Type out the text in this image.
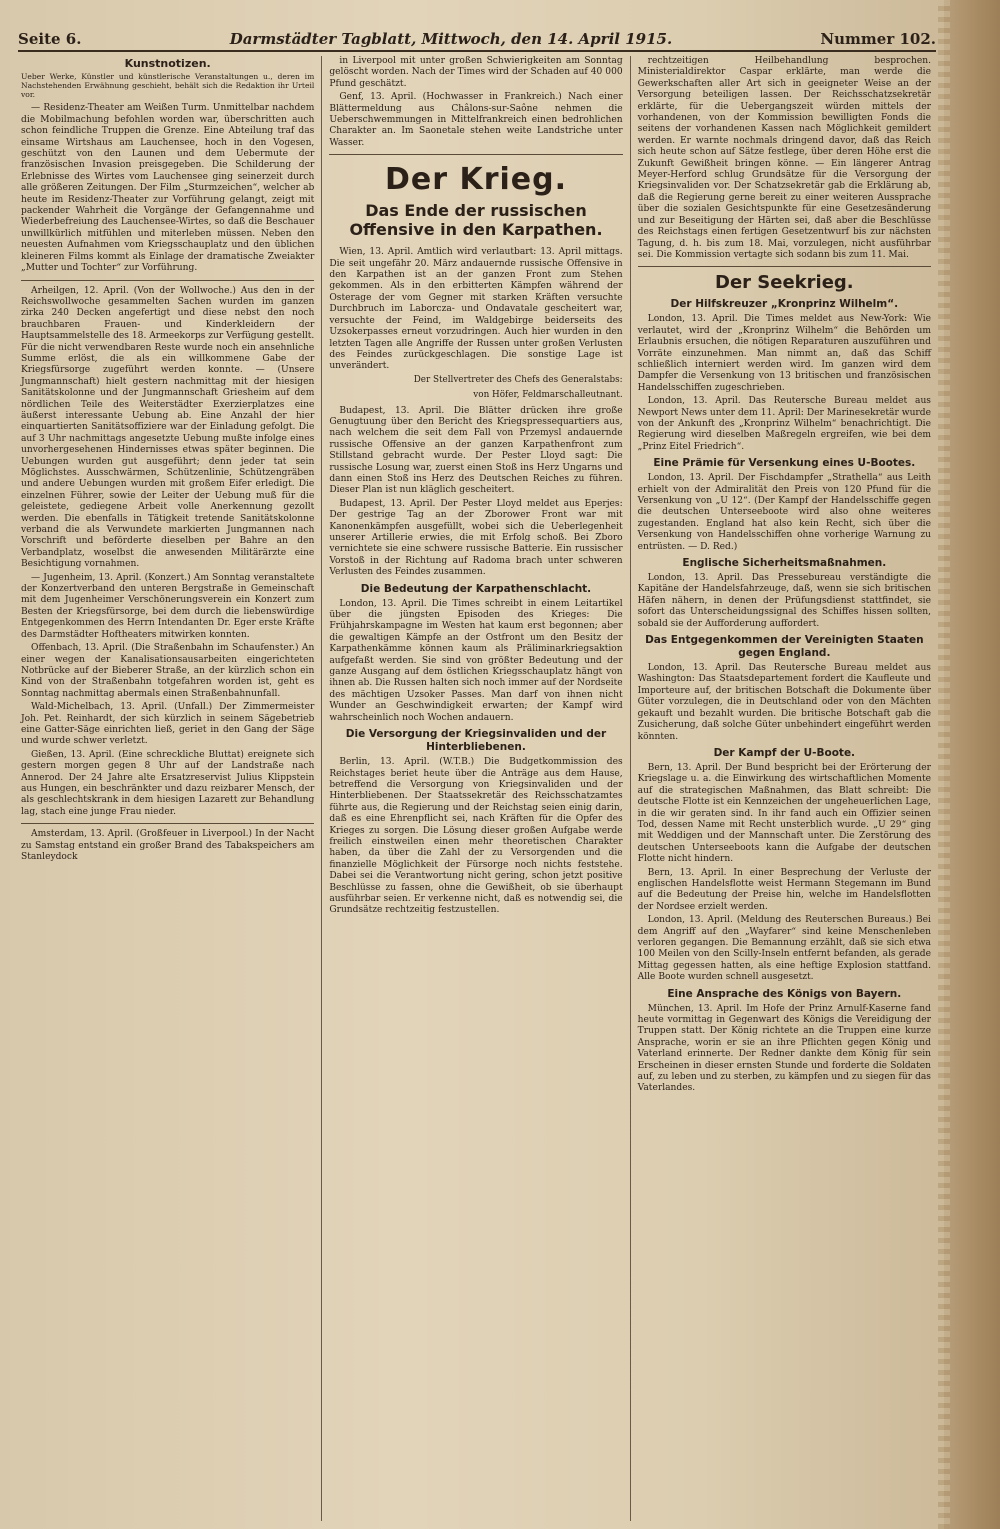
Seite 6.	Darmstädter Tagblatt, Mittwoch, den 14. April 1915.	Nummer 102.
Kunstnotizen.
Ueber Werke, Künstler und künstlerische Veranstaltungen u., deren im Nachstehenden Erwähnung geschieht, behält sich die Redaktion ihr Urteil vor.

— Residenz-Theater am Weißen Turm. Unmittelbar nachdem die Mobilmachung befohlen worden war, überschritten auch schon feindliche Truppen die Grenze. Eine Abteilung traf das einsame Wirtshaus am Lauchensee, hoch in den Vogesen, geschützt von den Launen und dem Uebermute der französischen Invasion preisgegeben. Die Schilderung der Erlebnisse des Wirtes vom Lauchensee ging seinerzeit durch alle größeren Zeitungen. Der Film „Sturmzeichen“, welcher ab heute im Residenz-Theater zur Vorführung gelangt, zeigt mit packender Wahrheit die Vorgänge der Gefangennahme und Wiederbefreiung des Lauchensee-Wirtes, so daß die Beschauer unwillkürlich mitfühlen und miterleben müssen. Neben den neuesten Aufnahmen vom Kriegsschauplatz und den üblichen kleineren Films kommt als Einlage der dramatische Zweiakter „Mutter und Tochter“ zur Vorführung.

Arheilgen, 12. April. (Von der Wollwoche.) Aus den in der Reichswollwoche gesammelten Sachen wurden im ganzen zirka 240 Decken angefertigt und diese nebst den noch brauchbaren Frauen- und Kinderkleidern der Hauptsammelstelle des 18. Armeekorps zur Verfügung gestellt. Für die nicht verwendbaren Reste wurde noch ein ansehnliche Summe erlöst, die als ein willkommene Gabe der Kriegsfürsorge zugeführt werden konnte. — (Unsere Jungmannschaft) hielt gestern nachmittag mit der hiesigen Sanitätskolonne und der Jungmannschaft Griesheim auf dem nördlichen Teile des Weiterstädter Exerzierplatzes eine äußerst interessante Uebung ab. Eine Anzahl der hier einquartierten Sanitätsoffiziere war der Einladung gefolgt. Die auf 3 Uhr nachmittags angesetzte Uebung mußte infolge eines unvorhergesehenen Hindernisses etwas später beginnen. Die Uebungen wurden gut ausgeführt; denn jeder tat sein Möglichstes. Ausschwärmen, Schützenlinie, Schützengräben und andere Uebungen wurden mit großem Eifer erledigt. Die einzelnen Führer, sowie der Leiter der Uebung muß für die geleistete, gediegene Arbeit volle Anerkennung gezollt werden. Die ebenfalls in Tätigkeit tretende Sanitätskolonne verband die als Verwundete markierten Jungmannen nach Vorschrift und beförderte dieselben per Bahre an den Verbandplatz, woselbst die anwesenden Militärärzte eine Besichtigung vornahmen.

— Jugenheim, 13. April. (Konzert.) Am Sonntag veranstaltete der Konzertverband den unteren Bergstraße in Gemeinschaft mit dem Jugenheimer Verschönerungsverein ein Konzert zum Besten der Kriegsfürsorge, bei dem durch die liebenswürdige Entgegenkommen des Herrn Intendanten Dr. Eger erste Kräfte des Darmstädter Hoftheaters mitwirken konnten.

Offenbach, 13. April. (Die Straßenbahn im Schaufenster.) An einer wegen der Kanalisationsausarbeiten eingerichteten Notbrücke auf der Bieberer Straße, an der kürzlich schon ein Kind von der Straßenbahn totgefahren worden ist, geht es Sonntag nachmittag abermals einen Straßenbahnunfall.

Wald-Michelbach, 13. April. (Unfall.) Der Zimmermeister Joh. Pet. Reinhardt, der sich kürzlich in seinem Sägebetrieb eine Gatter-Säge einrichten ließ, geriet in den Gang der Säge und wurde schwer verletzt.

Gießen, 13. April. (Eine schreckliche Bluttat) ereignete sich gestern morgen gegen 8 Uhr auf der Landstraße nach Annerod. Der 24 Jahre alte Ersatzreservist Julius Klippstein aus Hungen, ein beschränkter und dazu reizbarer Mensch, der als geschlechtskrank in dem hiesigen Lazarett zur Behandlung lag, stach eine junge Frau nieder.

Amsterdam, 13. April. (Großfeuer in Liverpool.) In der Nacht zu Samstag entstand ein großer Brand des Tabakspeichers am Stanleydock

in Liverpool mit unter großen Schwierigkeiten am Sonntag gelöscht worden. Nach der Times wird der Schaden auf 40 000 Pfund geschätzt.

Genf, 13. April. (Hochwasser in Frankreich.) Nach einer Blättermeldung aus Châlons-sur-Saône nehmen die Ueberschwemmungen in Mittelfrankreich einen bedrohlichen Charakter an. Im Saonetale stehen weite Landstriche unter Wasser.

Der Krieg.
Das Ende der russischen Offensive in den Karpathen.

Wien, 13. April. Amtlich wird verlautbart: 13. April mittags. Die seit ungefähr 20. März andauernde russische Offensive in den Karpathen ist an der ganzen Front zum Stehen gekommen. Als in den erbitterten Kämpfen während der Osterage der vom Gegner mit starken Kräften versuchte Durchbruch im Laborcza- und Ondavatale gescheitert war, versuchte der Feind, im Waldgebirge beiderseits des Uzsokerpasses erneut vorzudringen. Auch hier wurden in den letzten Tagen alle Angriffe der Russen unter großen Verlusten des Feindes zurückgeschlagen. Die sonstige Lage ist unverändert.

Der Stellvertreter des Chefs des Generalstabs:
von Höfer, Feldmarschalleutnant.

Budapest, 13. April. Die Blätter drücken ihre große Genugtuung über den Bericht des Kriegspressequartiers aus, nach welchem die seit dem Fall von Przemysl andauernde russische Offensive an der ganzen Karpathenfront zum Stillstand gebracht wurde. Der Pester Lloyd sagt: Die russische Losung war, zuerst einen Stoß ins Herz Ungarns und dann einen Stoß ins Herz des Deutschen Reiches zu führen. Dieser Plan ist nun kläglich gescheitert.

Budapest, 13. April. Der Pester Lloyd meldet aus Eperjes: Der gestrige Tag an der Zborower Front war mit Kanonenkämpfen ausgefüllt, wobei sich die Ueberlegenheit unserer Artillerie erwies, die mit Erfolg schoß. Bei Zboro vernichtete sie eine schwere russische Batterie. Ein russischer Vorstoß in der Richtung auf Radoma brach unter schweren Verlusten des Feindes zusammen.

Die Bedeutung der Karpathenschlacht.

London, 13. April. Die Times schreibt in einem Leitartikel über die jüngsten Episoden des Krieges: Die Frühjahrskampagne im Westen hat kaum erst begonnen; aber die gewaltigen Kämpfe an der Ostfront um den Besitz der Karpathenkämme können kaum als Präliminarkriegsaktion aufgefaßt werden. Sie sind von größter Bedeutung und der ganze Ausgang auf dem östlichen Kriegsschauplatz hängt von ihnen ab. Die Russen halten sich noch immer auf der Nordseite des mächtigen Uzsoker Passes. Man darf von ihnen nicht Wunder an Geschwindigkeit erwarten; der Kampf wird wahrscheinlich noch Wochen andauern.

Die Versorgung der Kriegsinvaliden und der Hinterbliebenen.

Berlin, 13. April. (W.T.B.) Die Budgetkommission des Reichstages beriet heute über die Anträge aus dem Hause, betreffend die Versorgung von Kriegsinvaliden und der Hinterbliebenen. Der Staatssekretär des Reichsschatzamtes führte aus, die Regierung und der Reichstag seien einig darin, daß es eine Ehrenpflicht sei, nach Kräften für die Opfer des Krieges zu sorgen. Die Lösung dieser großen Aufgabe werde freilich einstweilen einen mehr theoretischen Charakter haben, da über die Zahl der zu Versorgenden und die finanzielle Möglichkeit der Fürsorge noch nichts feststehe. Dabei sei die Verantwortung nicht gering, schon jetzt positive Beschlüsse zu fassen, ohne die Gewißheit, ob sie überhaupt ausführbar seien. Er verkenne nicht, daß es notwendig sei, die Grundsätze rechtzeitig festzustellen.

rechtzeitigen Heilbehandlung besprochen. Ministerialdirektor Caspar erklärte, man werde die Gewerkschaften aller Art sich in geeigneter Weise an der Versorgung beteiligen lassen. Der Reichsschatzsekretär erklärte, für die Uebergangszeit würden mittels der vorhandenen, von der Kommission bewilligten Fonds die seitens der vorhandenen Kassen nach Möglichkeit gemildert werden. Er warnte nochmals dringend davor, daß das Reich sich heute schon auf Sätze festlege, über deren Höhe erst die Zukunft Gewißheit bringen könne. — Ein längerer Antrag Meyer-Herford schlug Grundsätze für die Versorgung der Kriegsinvaliden vor. Der Schatzsekretär gab die Erklärung ab, daß die Regierung gerne bereit zu einer weiteren Aussprache über die sozialen Gesichtspunkte für eine Gesetzesänderung und zur Beseitigung der Härten sei, daß aber die Beschlüsse des Reichstags einen fertigen Gesetzentwurf bis zur nächsten Tagung, d. h. bis zum 18. Mai, vorzulegen, nicht ausführbar sei. Die Kommission vertagte sich sodann bis zum 11. Mai.

Der Seekrieg.
Der Hilfskreuzer „Kronprinz Wilhelm“.

London, 13. April. Die Times meldet aus New-York: Wie verlautet, wird der „Kronprinz Wilhelm“ die Behörden um Erlaubnis ersuchen, die nötigen Reparaturen auszuführen und Vorräte einzunehmen. Man nimmt an, daß das Schiff schließlich interniert werden wird. Im ganzen wird dem Dampfer die Versenkung von 13 britischen und französischen Handelsschiffen zugeschrieben.

London, 13. April. Das Reutersche Bureau meldet aus Newport News unter dem 11. April: Der Marinesekretär wurde von der Ankunft des „Kronprinz Wilhelm“ benachrichtigt. Die Regierung wird dieselben Maßregeln ergreifen, wie bei dem „Prinz Eitel Friedrich“.

Eine Prämie für Versenkung eines U-Bootes.

London, 13. April. Der Fischdampfer „Strathella“ aus Leith erhielt von der Admiralität den Preis von 120 Pfund für die Versenkung von „U 12“. (Der Kampf der Handelsschiffe gegen die deutschen Unterseeboote wird also ohne weiteres zugestanden. England hat also kein Recht, sich über die Versenkung von Handelsschiffen ohne vorherige Warnung zu entrüsten. — D. Red.)

Englische Sicherheitsmaßnahmen.

London, 13. April. Das Pressebureau verständigte die Kapitäne der Handelsfahrzeuge, daß, wenn sie sich britischen Häfen nähern, in denen der Prüfungsdienst stattfindet, sie sofort das Unterscheidungssignal des Schiffes hissen sollten, sobald sie der Aufforderung auffordert.

Das Entgegenkommen der Vereinigten Staaten gegen England.

London, 13. April. Das Reutersche Bureau meldet aus Washington: Das Staatsdepartement fordert die Kaufleute und Importeure auf, der britischen Botschaft die Dokumente über Güter vorzulegen, die in Deutschland oder von den Mächten gekauft und bezahlt wurden. Die britische Botschaft gab die Zusicherung, daß solche Güter unbehindert eingeführt werden könnten.

Der Kampf der U-Boote.

Bern, 13. April. Der Bund bespricht bei der Erörterung der Kriegslage u. a. die Einwirkung des wirtschaftlichen Momente auf die strategischen Maßnahmen, das Blatt schreibt: Die deutsche Flotte ist ein Kennzeichen der ungeheuerlichen Lage, in die wir geraten sind. In ihr fand auch ein Offizier seinen Tod, dessen Name mit Recht unsterblich wurde. „U 29“ ging mit Weddigen und der Mannschaft unter. Die Zerstörung des deutschen Unterseeboots kann die Aufgabe der deutschen Flotte nicht hindern.

Bern, 13. April. In einer Besprechung der Verluste der englischen Handelsflotte weist Hermann Stegemann im Bund auf die Bedeutung der Preise hin, welche im Handelsflotten der Nordsee erzielt werden.

London, 13. April. (Meldung des Reuterschen Bureaus.) Bei dem Angriff auf den „Wayfarer“ sind keine Menschenleben verloren gegangen. Die Bemannung erzählt, daß sie sich etwa 100 Meilen von den Scilly-Inseln entfernt befanden, als gerade Mittag gegessen hatten, als eine heftige Explosion stattfand. Alle Boote wurden schnell ausgesetzt.

Eine Ansprache des Königs von Bayern.

München, 13. April. Im Hofe der Prinz Arnulf-Kaserne fand heute vormittag in Gegenwart des Königs die Vereidigung der Truppen statt. Der König richtete an die Truppen eine kurze Ansprache, worin er sie an ihre Pflichten gegen König und Vaterland erinnerte. Der Redner dankte dem König für sein Erscheinen in dieser ernsten Stunde und forderte die Soldaten auf, zu leben und zu sterben, zu kämpfen und zu siegen für das Vaterlandes.
